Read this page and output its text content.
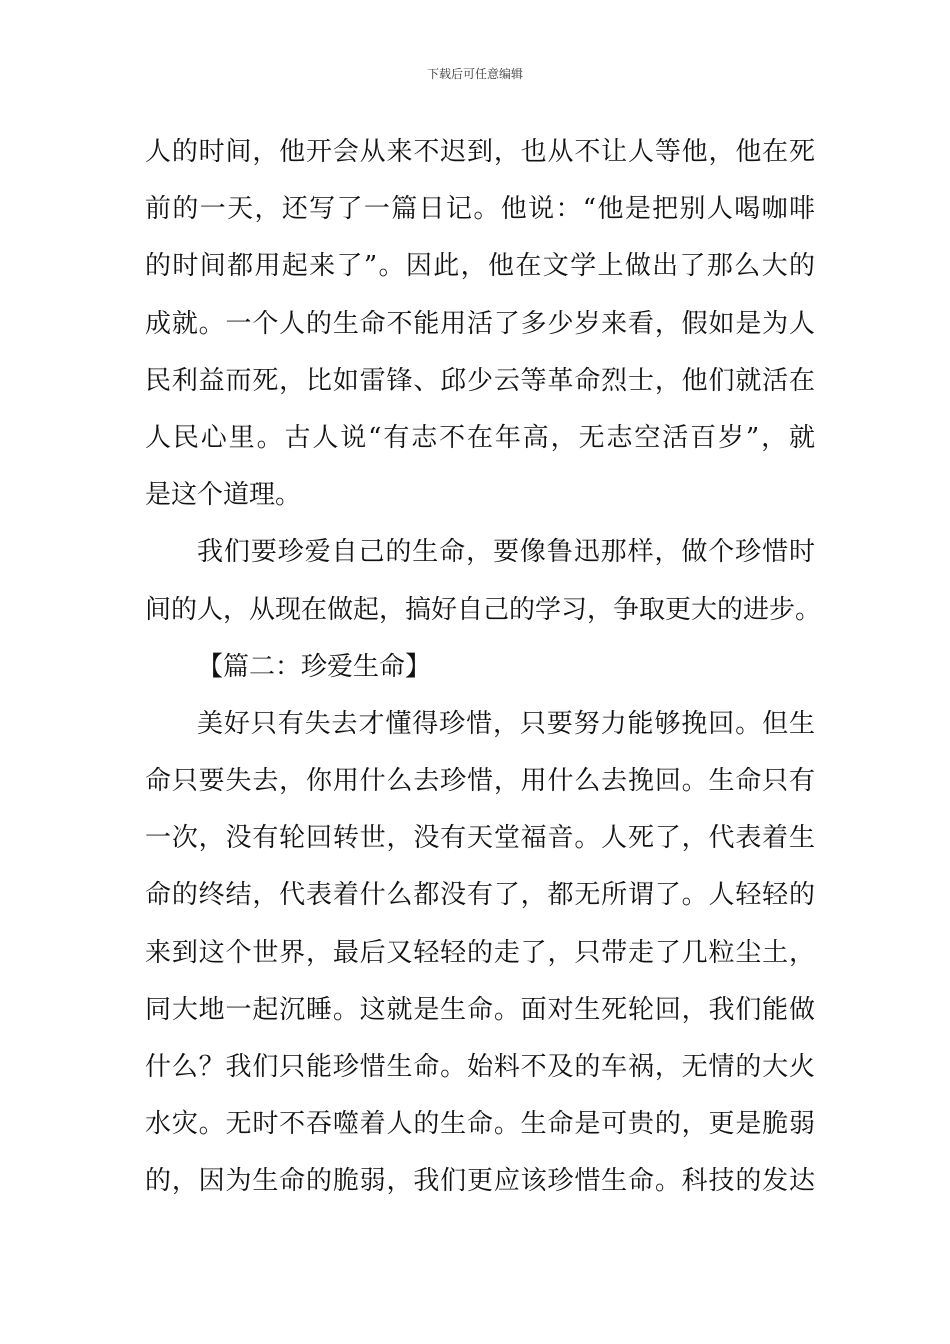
下载后可任意编辑
人的时间，他开会从来不迟到，也从不让人等他，他在死
前的一天，还写了一篇日记。他说：“他是把别人喝咖啡
的时间都用起来了”。因此，他在文学上做出了那么大的
成就。一个人的生命不能用活了多少岁来看，假如是为人
民利益而死，比如雷锋、邱少云等革命烈士，他们就活在
人民心里。古人说“有志不在年高，无志空活百岁”，就
是这个道理。
我们要珍爱自己的生命，要像鲁迅那样，做个珍惜时
间的人，从现在做起，搞好自己的学习，争取更大的进步。
【篇二：珍爱生命】
美好只有失去才懂得珍惜，只要努力能够挽回。但生
命只要失去，你用什么去珍惜，用什么去挽回。生命只有
一次，没有轮回转世，没有天堂福音。人死了，代表着生
命的终结，代表着什么都没有了，都无所谓了。人轻轻的
来到这个世界，最后又轻轻的走了，只带走了几粒尘土，
同大地一起沉睡。这就是生命。面对生死轮回，我们能做
什么？我们只能珍惜生命。始料不及的车祸，无情的大火
水灾。无时不吞噬着人的生命。生命是可贵的，更是脆弱
的，因为生命的脆弱，我们更应该珍惜生命。科技的发达
